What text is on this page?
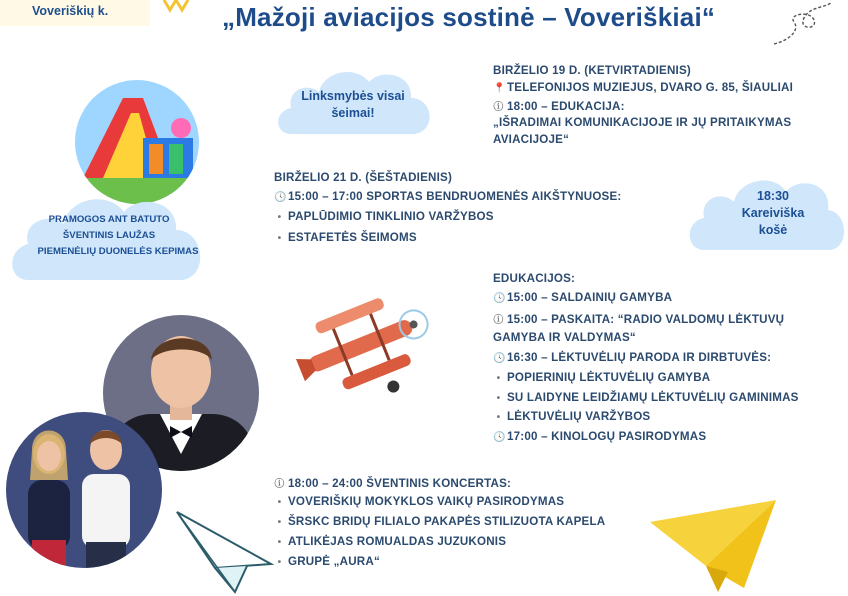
Voveriškių k.	„Mažoji aviacijos sostinė – Voveriškiai“
Linksmybės visai
šeimai!
PRAMOGOS ANT BATUTO
ŠVENTINIS LAUŽAS
PIEMENĖLIŲ DUONELĖS KEPIMAS
18:30
Kareiviška
košė
BIRŽELIO 19 D. (KETVIRTADIENIS)
📍TELEFONIJOS MUZIEJUS, DVARO G. 85, ŠIAULIAI
ⓘ 18:00 – EDUKACIJA:
„IŠRADIMAI KOMUNIKACIJOJE IR JŲ PRITAIKYMAS
AVIACIJOJE“
BIRŽELIO 21 D. (ŠEŠTADIENIS)
🕓15:00 – 17:00 SPORTAS BENDRUOMENĖS AIKŠTYNUOSE:
• PAPLŪDIMIO TINKLINIO VARŽYBOS
• ESTAFETĖS ŠEIMOMS
EDUKACIJOS:
🕓15:00 – SALDAINIŲ GAMYBA
ⓘ 15:00 – PASKAITA: “RADIO VALDOMŲ LĖKTUVŲ
GAMYBA IR VALDYMAS“
🕓16:30 – LĖKTUVĖLIŲ PARODA IR DIRBTUVĖS:
• POPIERINIŲ LĖKTUVĖLIŲ GAMYBA
• SU LAIDYNE LEIDŽIAMŲ LĖKTUVĖLIŲ GAMINIMAS
• LĖKTUVĖLIŲ VARŽYBOS
🕓17:00 – KINOLOGŲ PASIRODYMAS
ⓘ 18:00 – 24:00 ŠVENTINIS KONCERTAS:
• VOVERIŠKIŲ MOKYKLOS VAIKŲ PASIRODYMAS
• ŠRSKC BRIDŲ FILIALO PAKAPĖS STILIZUOTA KAPELA
• ATLIKĖJAS ROMUALDAS JUZUKONIS
• GRUPĖ „AURA“
